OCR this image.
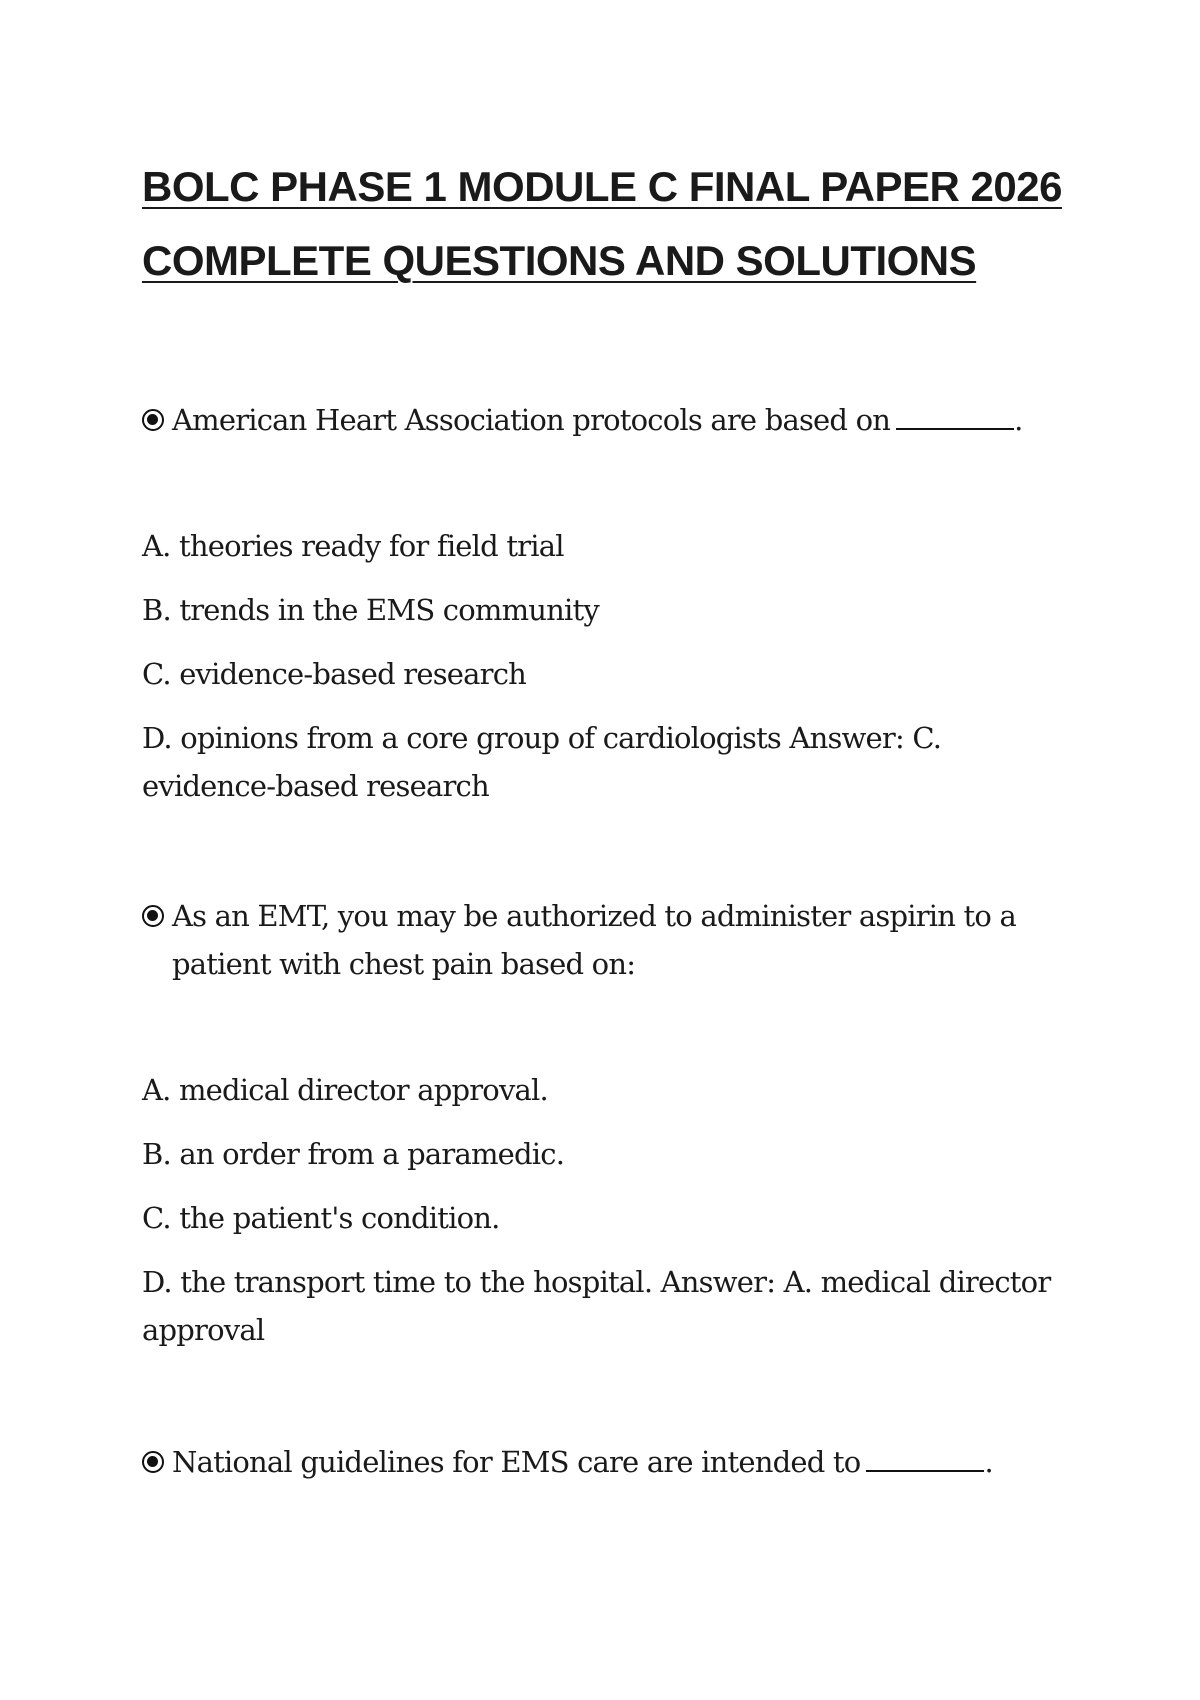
BOLC PHASE 1 MODULE C FINAL PAPER 2026
COMPLETE QUESTIONS AND SOLUTIONS
American Heart Association protocols are based on	.

A. theories ready for field trial

B. trends in the EMS community

C. evidence-based research

D. opinions from a core group of cardiologists Answer: C. evidence-based research

As an EMT, you may be authorized to administer aspirin to a patient with chest pain based on:

A. medical director approval.

B. an order from a paramedic.

C. the patient's condition.

D. the transport time to the hospital. Answer: A. medical director approval

National guidelines for EMS care are intended to	.
